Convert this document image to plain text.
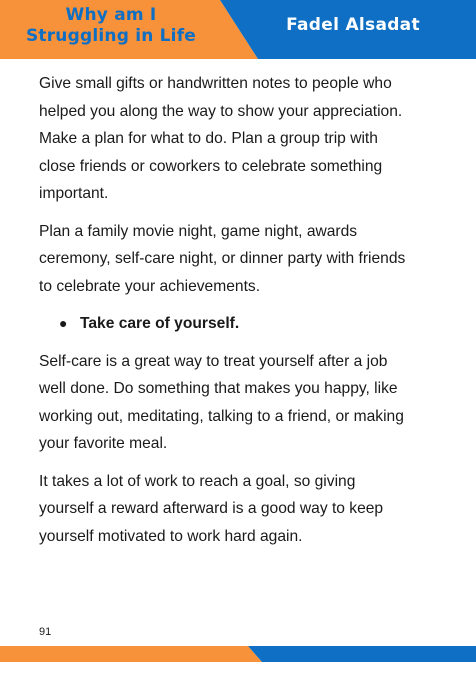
Why am I
Struggling in Life
Fadel Alsadat

Give small gifts or handwritten notes to people who helped you along the way to show your appreciation. Make a plan for what to do. Plan a group trip with close friends or coworkers to celebrate something important.

Plan a family movie night, game night, awards ceremony, self-care night, or dinner party with friends to celebrate your achievements.

● Take care of yourself.

Self-care is a great way to treat yourself after a job well done. Do something that makes you happy, like working out, meditating, talking to a friend, or making your favorite meal.

It takes a lot of work to reach a goal, so giving yourself a reward afterward is a good way to keep yourself motivated to work hard again.

91
